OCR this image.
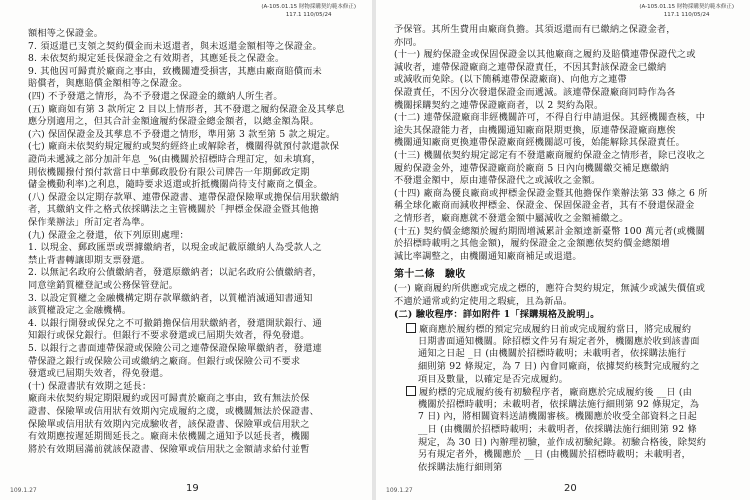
(A-105.01.15 財物採購契約範本修正)
117.1 110/05/24
額相等之保證金。
7. 須返還已支領之契約價金而未返還者，與未返還金額相等之保證金。
8. 未依契約規定延長保證金之有效期者，其應延長之保證金。
9. 其他因可歸責於廠商之事由，致機關遭受損害，其應由廠商賠償而未
賠償者，與應賠償金額相等之保證金。
(四) 不予發還之情形，為不予發還之保證金的繳納人所生者。
(五) 廠商如有第 3 款所定 2 目以上情形者，其不發還之履約保證金及其孳息
應分別適用之，但其合計金額逾履約保證金總金額者，以總金額為限。
(六) 保固保證金及其孳息不予發還之情形，準用第 3 款至第 5 款之規定。
(七) 廠商未依契約規定履約或契約經終止或解除者，機關得就預付款還款保
證尚未遞減之部分加計年息 _%(由機關於招標時合理訂定，如未填寫，
則依機關撥付預付款當日中華郵政股份有限公司牌告一年期郵政定期
儲金機動利率)之利息，隨時要求返還或折抵機關尚待支付廠商之價金。
(八) 保證金以定期存款單、連帶保證書、連帶保證保險單或擔保信用狀繳納
者，其繳納文件之格式依採購法之主管機關於「押標金保證金暨其他擔
保作業辦法」所訂定者為準。
(九) 保證金之發還，依下列原則處理：
1. 以現金、郵政匯票或票據繳納者，以現金或記載原繳納人為受款人之
禁止背書轉讓即期支票發還。
2. 以無記名政府公債繳納者，發還原繳納者；以記名政府公債繳納者，
同意塗銷質權登記或公務保管登記。
3. 以設定質權之金融機構定期存款單繳納者，以質權消滅通知書通知
該質權設定之金融機構。
4. 以銀行開發或保兌之不可撤銷擔保信用狀繳納者，發還開狀銀行、通
知銀行或保兌銀行。但銀行不要求發還或已屆期失效者，得免發還。
5. 以銀行之書面連帶保證或保險公司之連帶保證保險單繳納者，發還連
帶保證之銀行或保險公司或繳納之廠商。但銀行或保險公司不要求
發還或已屆期失效者，得免發還。
(十) 保證書狀有效期之延長：
廠商未依契約規定期限履約或因可歸責於廠商之事由，致有無法於保
證書、保險單或信用狀有效期內完成履約之虞，或機關無法於保證書、
保險單或信用狀有效期內完成驗收者，該保證書、保險單或信用狀之
有效期應按遲延期間延長之。廠商未依機關之通知予以延長者，機關
將於有效期屆滿前就該保證書、保險單或信用狀之金額請求給付並暫
109.1.27	19
(A-105.01.15 財物採購契約範本修正)
117.1 110/05/24
予保管。其所生費用由廠商負擔。其須返還而有已繳納之保證金者，
亦同。
(十一) 履約保證金或保固保證金以其他廠商之履約及賠償連帶保證代之或
減收者，連帶保證廠商之連帶保證責任，不因其對該保證金已繳納
或減收而免除。(以下簡稱連帶保證廠商)、向他方之連帶
保證責任，不因分次發還保證金而遞減。該連帶保證廠商同時作為各
機關採購契約之連帶保證廠商者，以 2 契約為限。
(十二) 連帶保證廠商非經機關許可，不得自行申請退保。其經機關查核，中
途失其保證能力者，由機關通知廠商限期更換，原連帶保證廠商應俟
機關通知廠商更換連帶保證廠商經機關認可後，始能解除其保證責任。
(十三) 機關依契約規定認定有不發還廠商履約保證金之情形者，除已沒收之
履約保證金外，連帶保證廠商於廠商 5 日內向機關繳交補足應繳納
不發還金額中，原由連帶保證代之或減收之金額。
(十四) 廠商為優良廠商或押標金保證金暨其他擔保作業辦法第 33 條之 6 所
稱全球化廠商而減收押標金、保證金、保固保證金者，其有不發還保證金
之情形者，廠商應就不發還金額中屬減收之金額補繳之。
(十五) 契約價金總額於履約期間增減累計金額達新臺幣 100 萬元者(或機關
於招標時載明之其他金額)，履約保證金之金額應依契約價金總額增
減比率調整之，由機關通知廠商補足或退還。
第十二條　驗收
(一) 廠商履約所供應或完成之標的，應符合契約規定，無減少或滅失價值或
不適於通常或約定使用之瑕疵，且為新品。
(二) 驗收程序：詳如附件 1「採購規格及說明」。
廠商應於履約標的預定完成履約日前或完成履約當日，將完成履約
日期書面通知機關。除招標文件另有規定者外，機關應於收到該書面
通知之日起 _日 (由機關於招標時載明；未載明者，依採購法施行
細則第 92 條規定，為 7 日) 內會同廠商，依據契約核對完成履約之
項目及數量，以確定是否完成履約。
履約標的完成履約後有初驗程序者，廠商應於完成履約後 __日 (由
機關於招標時載明；未載明者，依採購法施行細則第 92 條規定，為
7 日) 內，將相關資料送請機關審核。機關應於收受全部資料之日起
__日 (由機關於招標時載明；未載明者，依採購法施行細則第 92 條
規定，為 30 日) 內辦理初驗，並作成初驗紀錄。初驗合格後，除契約
另有規定者外，機關應於 __日 (由機關於招標時載明；未載明者，
依採購法施行細則第
109.1.27	20
